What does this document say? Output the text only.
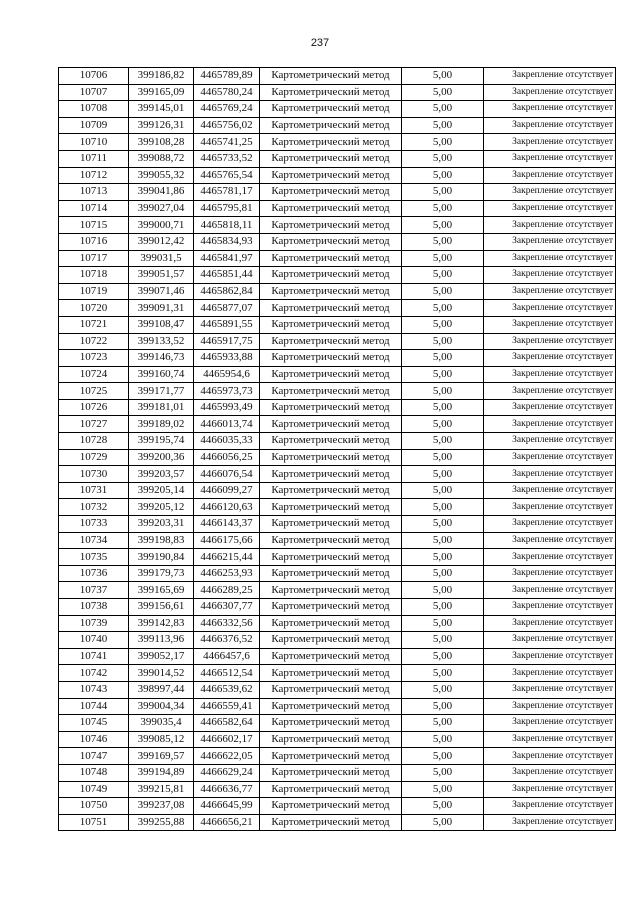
237
10706	399186,82	4465789,89	Картометрический метод	5,00	Закрепление отсутствует
10707	399165,09	4465780,24	Картометрический метод	5,00	Закрепление отсутствует
10708	399145,01	4465769,24	Картометрический метод	5,00	Закрепление отсутствует
10709	399126,31	4465756,02	Картометрический метод	5,00	Закрепление отсутствует
10710	399108,28	4465741,25	Картометрический метод	5,00	Закрепление отсутствует
10711	399088,72	4465733,52	Картометрический метод	5,00	Закрепление отсутствует
10712	399055,32	4465765,54	Картометрический метод	5,00	Закрепление отсутствует
10713	399041,86	4465781,17	Картометрический метод	5,00	Закрепление отсутствует
10714	399027,04	4465795,81	Картометрический метод	5,00	Закрепление отсутствует
10715	399000,71	4465818,11	Картометрический метод	5,00	Закрепление отсутствует
10716	399012,42	4465834,93	Картометрический метод	5,00	Закрепление отсутствует
10717	399031,5	4465841,97	Картометрический метод	5,00	Закрепление отсутствует
10718	399051,57	4465851,44	Картометрический метод	5,00	Закрепление отсутствует
10719	399071,46	4465862,84	Картометрический метод	5,00	Закрепление отсутствует
10720	399091,31	4465877,07	Картометрический метод	5,00	Закрепление отсутствует
10721	399108,47	4465891,55	Картометрический метод	5,00	Закрепление отсутствует
10722	399133,52	4465917,75	Картометрический метод	5,00	Закрепление отсутствует
10723	399146,73	4465933,88	Картометрический метод	5,00	Закрепление отсутствует
10724	399160,74	4465954,6	Картометрический метод	5,00	Закрепление отсутствует
10725	399171,77	4465973,73	Картометрический метод	5,00	Закрепление отсутствует
10726	399181,01	4465993,49	Картометрический метод	5,00	Закрепление отсутствует
10727	399189,02	4466013,74	Картометрический метод	5,00	Закрепление отсутствует
10728	399195,74	4466035,33	Картометрический метод	5,00	Закрепление отсутствует
10729	399200,36	4466056,25	Картометрический метод	5,00	Закрепление отсутствует
10730	399203,57	4466076,54	Картометрический метод	5,00	Закрепление отсутствует
10731	399205,14	4466099,27	Картометрический метод	5,00	Закрепление отсутствует
10732	399205,12	4466120,63	Картометрический метод	5,00	Закрепление отсутствует
10733	399203,31	4466143,37	Картометрический метод	5,00	Закрепление отсутствует
10734	399198,83	4466175,66	Картометрический метод	5,00	Закрепление отсутствует
10735	399190,84	4466215,44	Картометрический метод	5,00	Закрепление отсутствует
10736	399179,73	4466253,93	Картометрический метод	5,00	Закрепление отсутствует
10737	399165,69	4466289,25	Картометрический метод	5,00	Закрепление отсутствует
10738	399156,61	4466307,77	Картометрический метод	5,00	Закрепление отсутствует
10739	399142,83	4466332,56	Картометрический метод	5,00	Закрепление отсутствует
10740	399113,96	4466376,52	Картометрический метод	5,00	Закрепление отсутствует
10741	399052,17	4466457,6	Картометрический метод	5,00	Закрепление отсутствует
10742	399014,52	4466512,54	Картометрический метод	5,00	Закрепление отсутствует
10743	398997,44	4466539,62	Картометрический метод	5,00	Закрепление отсутствует
10744	399004,34	4466559,41	Картометрический метод	5,00	Закрепление отсутствует
10745	399035,4	4466582,64	Картометрический метод	5,00	Закрепление отсутствует
10746	399085,12	4466602,17	Картометрический метод	5,00	Закрепление отсутствует
10747	399169,57	4466622,05	Картометрический метод	5,00	Закрепление отсутствует
10748	399194,89	4466629,24	Картометрический метод	5,00	Закрепление отсутствует
10749	399215,81	4466636,77	Картометрический метод	5,00	Закрепление отсутствует
10750	399237,08	4466645,99	Картометрический метод	5,00	Закрепление отсутствует
10751	399255,88	4466656,21	Картометрический метод	5,00	Закрепление отсутствует
